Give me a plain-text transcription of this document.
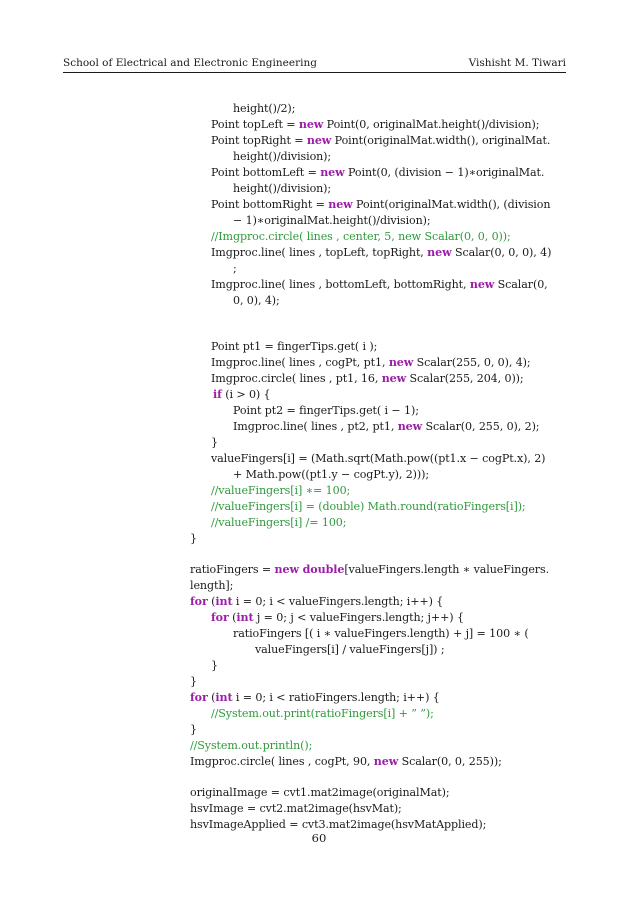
School of Electrical and Electronic Engineering	Vishisht M. Tiwari
height()/2);
Point topLeft = new Point(0, originalMat.height()/division);
Point topRight = new Point(originalMat.width(), originalMat.
height()/division);
Point bottomLeft = new Point(0, (division − 1)∗originalMat.
height()/division);
Point bottomRight = new Point(originalMat.width(), (division
− 1)∗originalMat.height()/division);
//Imgproc.circle( lines , center, 5, new Scalar(0, 0, 0));
Imgproc.line( lines , topLeft, topRight, new Scalar(0, 0, 0), 4)
;
Imgproc.line( lines , bottomLeft, bottomRight, new Scalar(0,
0, 0), 4);
Point pt1 = fingerTips.get( i );
Imgproc.line( lines , cogPt, pt1, new Scalar(255, 0, 0), 4);
Imgproc.circle( lines , pt1, 16, new Scalar(255, 204, 0));
if (i > 0) {
Point pt2 = fingerTips.get( i − 1);
Imgproc.line( lines , pt2, pt1, new Scalar(0, 255, 0), 2);
}
valueFingers[i] = (Math.sqrt(Math.pow((pt1.x − cogPt.x), 2)
+ Math.pow((pt1.y − cogPt.y), 2)));
//valueFingers[i] ∗= 100;
//valueFingers[i] = (double) Math.round(ratioFingers[i]);
//valueFingers[i] /= 100;
}
ratioFingers = new double[valueFingers.length ∗ valueFingers.
length];
for (int i = 0; i < valueFingers.length; i++) {
for (int j = 0; j < valueFingers.length; j++) {
ratioFingers [( i ∗ valueFingers.length) + j] = 100 ∗ (
valueFingers[i] / valueFingers[j]) ;
}
}
for (int i = 0; i < ratioFingers.length; i++) {
//System.out.print(ratioFingers[i] + ” ”);
}
//System.out.println();
Imgproc.circle( lines , cogPt, 90, new Scalar(0, 0, 255));
originalImage = cvt1.mat2image(originalMat);
hsvImage = cvt2.mat2image(hsvMat);
hsvImageApplied = cvt3.mat2image(hsvMatApplied);
60
